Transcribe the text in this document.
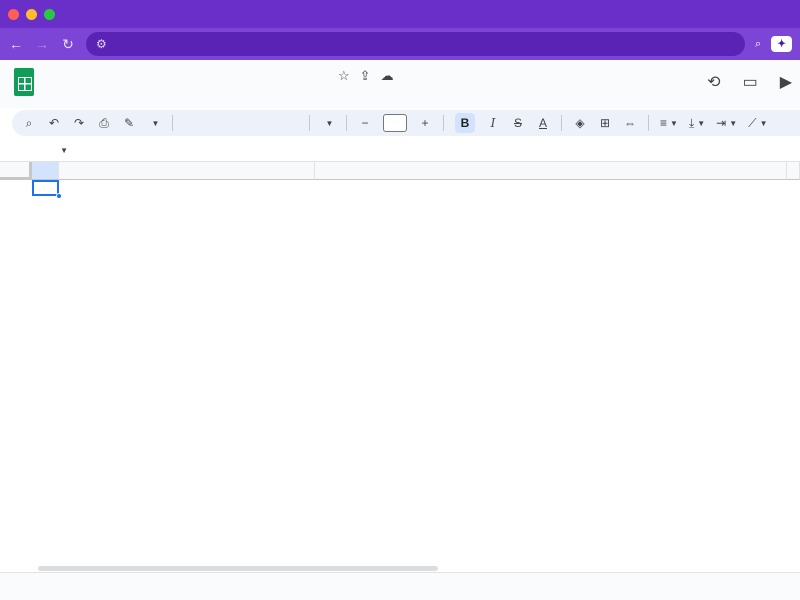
← → ↻ ⚙	⌕	✦
☆ ⇪ ☁	⟲ ▭ ▶
⌕	↶ ↷ ⎙ ✎ ▼	▼ −	+	B	I	S A ◈ ⊞ ⇔ ≡ ▼ ⤓ ▼ ⇥ ▼ ⟋ ▼
▼
